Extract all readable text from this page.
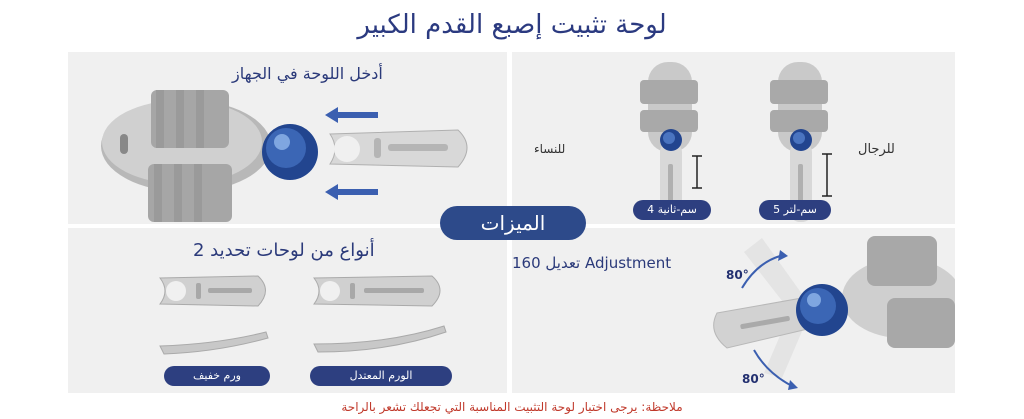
لوحة تثبيت إصبع القدم الكبير
أدخل اللوحة في الجهاز
للنساء	للرجال
سم-ثانية 4	سم-لتر 5
أنواع من لوحات تحديد 2
ورم خفيف	الورم المعتدل
80°
80°
تعديل 160 Adjustment
الميزات
ملاحظة: يرجى اختيار لوحة التثبيت المناسبة التي تجعلك تشعر بالراحة
